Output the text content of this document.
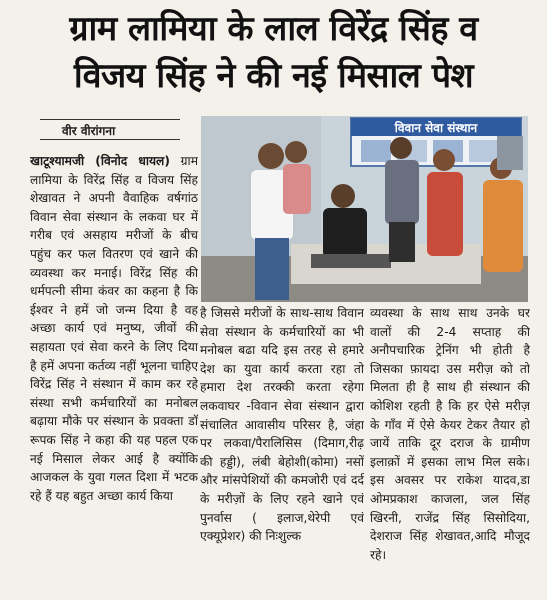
ग्राम लामिया के लाल विरेंद्र सिंह व
विजय सिंह ने की नई मिसाल पेश
वीर वीरांगना
खाटूश्यामजी (विनोद धायल) ग्राम लामिया के विरेंद्र सिंह व विजय सिंह शेखावत ने अपनी वैवाहिक वर्षगांठ विवान सेवा संस्थान के लकवा घर में गरीब एवं असहाय मरीजों के बीच पहुंच कर फल वितरण एवं खाने की व्यवस्था कर मनाई। विरेंद्र सिंह की धर्मपत्नी सीमा कंवर का कहना है कि ईश्वर ने हमें जो जन्म दिया है वह अच्छा कार्य एवं मनुष्य, जीवों की सहायता एवं सेवा करने के लिए दिया है हमें अपना कर्तव्य नहीं भूलना चाहिए विरेंद्र सिंह ने संस्थान में काम कर रहे संस्था सभी कर्मचारियों का मनोबल बढ़ाया मौके पर संस्थान के प्रवक्ता डॉ रूपक सिंह ने कहा की यह पहल एक नई मिसाल लेकर आई है क्योंकि आजकल के युवा गलत दिशा में भटक रहे हैं यह बहुत अच्छा कार्य किया
विवान सेवा संस्थान
है जिससे मरीजों के साथ-साथ विवान सेवा संस्थान के कर्मचारियों का भी मनोबल बढा यदि इस तरह से हमारे देश का युवा कार्य करता रहा तो हमारा देश तरक्की करता रहेगा लकवाघर -विवान सेवा संस्थान द्वारा संचालित आवासीय परिसर है, जंहा पर लकवा/पैरालिसिस (दिमाग,रीढ़ की हड्डी), लंबी बेहोशी(कोमा) नसों और मांसपेशियों की कमजोरी एवं दर्द के मरीज़ों के लिए रहने खाने एवं पुनर्वास ( इलाज,थेरेपी एवं एक्यूप्रेशर) की निःशुल्क
व्यवस्था के साथ साथ उनके घर वालों की 2-4 सप्ताह की अनौपचारिक ट्रेनिंग भी होती है जिसका फ़ायदा उस मरीज़ को तो मिलता ही है साथ ही संस्थान की कोशिश रहती है कि हर ऐसे मरीज़ के गाँव में ऐसे केयर टेकर तैयार हो जायें ताकि दूर दराज के ग्रामीण इलाक़ों में इसका लाभ मिल सके। इस अवसर पर राकेश यादव,डा ओमप्रकाश काजला, जल सिंह खिरनी, राजेंद्र सिंह सिसोदिया, देशराज सिंह शेखावत,आदि मौजूद रहे।
